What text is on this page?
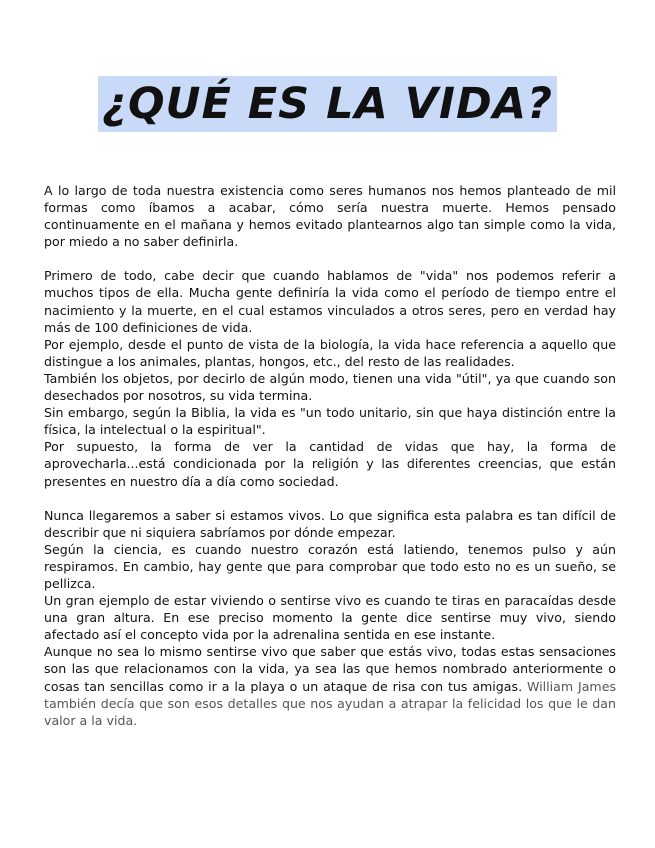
¿QUÉ ES LA VIDA?

A lo largo de toda nuestra existencia como seres humanos nos hemos planteado de mil formas como íbamos a acabar, cómo sería nuestra muerte. Hemos pensado continuamente en el mañana y hemos evitado plantearnos algo tan simple como la vida, por miedo a no saber definirla.

Primero de todo, cabe decir que cuando hablamos de "vida" nos podemos referir a muchos tipos de ella. Mucha gente definiría la vida como el período de tiempo entre el nacimiento y la muerte, en el cual estamos vinculados a otros seres, pero en verdad hay más de 100 definiciones de vida.

Por ejemplo, desde el punto de vista de la biología, la vida hace referencia a aquello que distingue a los animales, plantas, hongos, etc., del resto de las realidades.

También los objetos, por decirlo de algún modo, tienen una vida "útil", ya que cuando son desechados por nosotros, su vida termina.

Sin embargo, según la Biblia, la vida es "un todo unitario, sin que haya distinción entre la física, la intelectual o la espiritual".

Por supuesto, la forma de ver la cantidad de vidas que hay, la forma de aprovecharla...está condicionada por la religión y las diferentes creencias, que están presentes en nuestro día a día como sociedad.

Nunca llegaremos a saber si estamos vivos. Lo que significa esta palabra es tan difícil de describir que ni siquiera sabríamos por dónde empezar.

Según la ciencia, es cuando nuestro corazón está latiendo, tenemos pulso y aún respiramos. En cambio, hay gente que para comprobar que todo esto no es un sueño, se pellizca.

Un gran ejemplo de estar viviendo o sentirse vivo es cuando te tiras en paracaídas desde una gran altura. En ese preciso momento la gente dice sentirse muy vivo, siendo afectado así el concepto vida por la adrenalina sentida en ese instante.

Aunque no sea lo mismo sentirse vivo que saber que estás vivo, todas estas sensaciones son las que relacionamos con la vida, ya sea las que hemos nombrado anteriormente o cosas tan sencillas como ir a la playa o un ataque de risa con tus amigas. William James también decía que son esos detalles que nos ayudan a atrapar la felicidad los que le dan valor a la vida.
